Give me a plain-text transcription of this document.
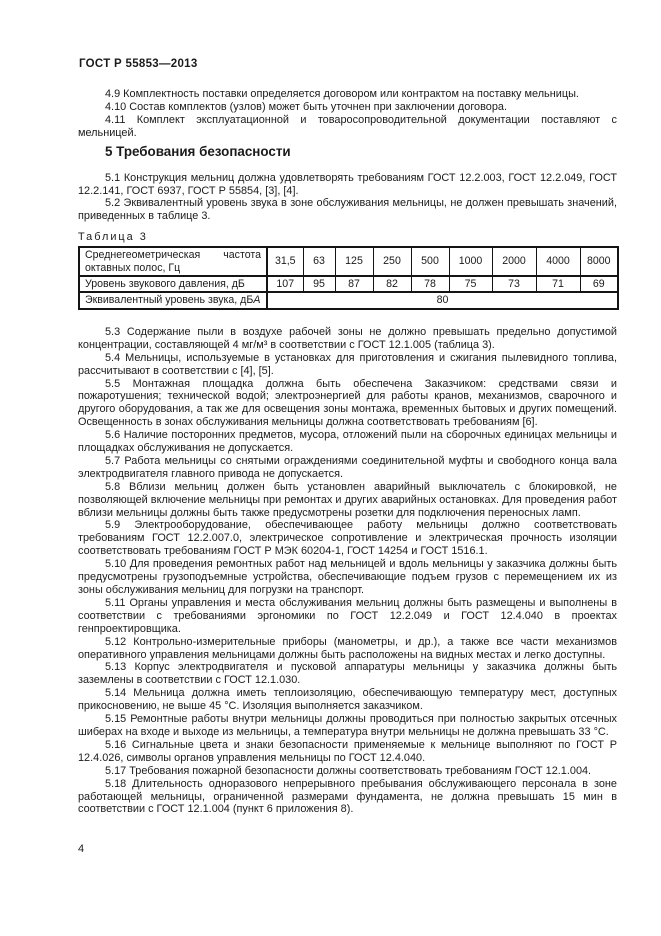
ГОСТ Р 55853—2013

4.9 Комплектность поставки определяется договором или контрактом на поставку мельницы.

4.10 Состав комплектов (узлов) может быть уточнен при заключении договора.

4.11 Комплект эксплуатационной и товаросопроводительной документации поставляют с мельницей.

5 Требования безопасности

5.1 Конструкция мельниц должна удовлетворять требованиям ГОСТ 12.2.003, ГОСТ 12.2.049, ГОСТ 12.2.141, ГОСТ 6937, ГОСТ Р 55854, [3], [4].

5.2 Эквивалентный уровень звука в зоне обслуживания мельницы, не должен превышать значений, приведенных в таблице 3.

Таблица 3
Среднегеометрическая частота октавных полос, Гц	31,5	63	125	250	500	1000	2000	4000	8000
Уровень звукового давления, дБ	107	95	87	82	78	75	73	71	69
Эквивалентный уровень звука, дБА	80								

5.3 Содержание пыли в воздухе рабочей зоны не должно превышать предельно допустимой концентрации, составляющей 4 мг/м³ в соответствии с ГОСТ 12.1.005 (таблица 3).

5.4 Мельницы, используемые в установках для приготовления и сжигания пылевидного топлива, рассчитывают в соответствии с [4], [5].

5.5 Монтажная площадка должна быть обеспечена Заказчиком: средствами связи и пожаротушения; технической водой; электроэнергией для работы кранов, механизмов, сварочного и другого оборудования, а так же для освещения зоны монтажа, временных бытовых и других помещений. Освещенность в зонах обслуживания мельницы должна соответствовать требованиям [6].

5.6 Наличие посторонних предметов, мусора, отложений пыли на сборочных единицах мельницы и площадках обслуживания не допускается.

5.7 Работа мельницы со снятыми ограждениями соединительной муфты и свободного конца вала электродвигателя главного привода не допускается.

5.8 Вблизи мельниц должен быть установлен аварийный выключатель с блокировкой, не позволяющей включение мельницы при ремонтах и других аварийных остановках. Для проведения работ вблизи мельницы должны быть также предусмотрены розетки для подключения переносных ламп.

5.9 Электрооборудование, обеспечивающее работу мельницы должно соответствовать требованиям ГОСТ 12.2.007.0, электрическое сопротивление и электрическая прочность изоляции соответствовать требованиям ГОСТ Р МЭК 60204-1, ГОСТ 14254 и ГОСТ 1516.1.

5.10 Для проведения ремонтных работ над мельницей и вдоль мельницы у заказчика должны быть предусмотрены грузоподъемные устройства, обеспечивающие подъем грузов с перемещением их из зоны обслуживания мельниц для погрузки на транспорт.

5.11 Органы управления и места обслуживания мельниц должны быть размещены и выполнены в соответствии с требованиями эргономики по ГОСТ 12.2.049 и ГОСТ 12.4.040 в проектах генпроектировщика.

5.12 Контрольно-измерительные приборы (манометры, и др.), а также все части механизмов оперативного управления мельницами должны быть расположены на видных местах и легко доступны.

5.13 Корпус электродвигателя и пусковой аппаратуры мельницы у заказчика должны быть заземлены в соответствии с ГОСТ 12.1.030.

5.14 Мельница должна иметь теплоизоляцию, обеспечивающую температуру мест, доступных прикосновению, не выше 45 °С. Изоляция выполняется заказчиком.

5.15 Ремонтные работы внутри мельницы должны проводиться при полностью закрытых отсечных шиберах на входе и выходе из мельницы, а температура внутри мельницы не должна превышать 33 °С.

5.16 Сигнальные цвета и знаки безопасности применяемые к мельнице выполняют по ГОСТ Р 12.4.026, символы органов управления мельницы по ГОСТ 12.4.040.

5.17 Требования пожарной безопасности должны соответствовать требованиям ГОСТ 12.1.004.

5.18 Длительность одноразового непрерывного пребывания обслуживающего персонала в зоне работающей мельницы, ограниченной размерами фундамента, не должна превышать 15 мин в соответствии с ГОСТ 12.1.004 (пункт 6 приложения 8).

4
